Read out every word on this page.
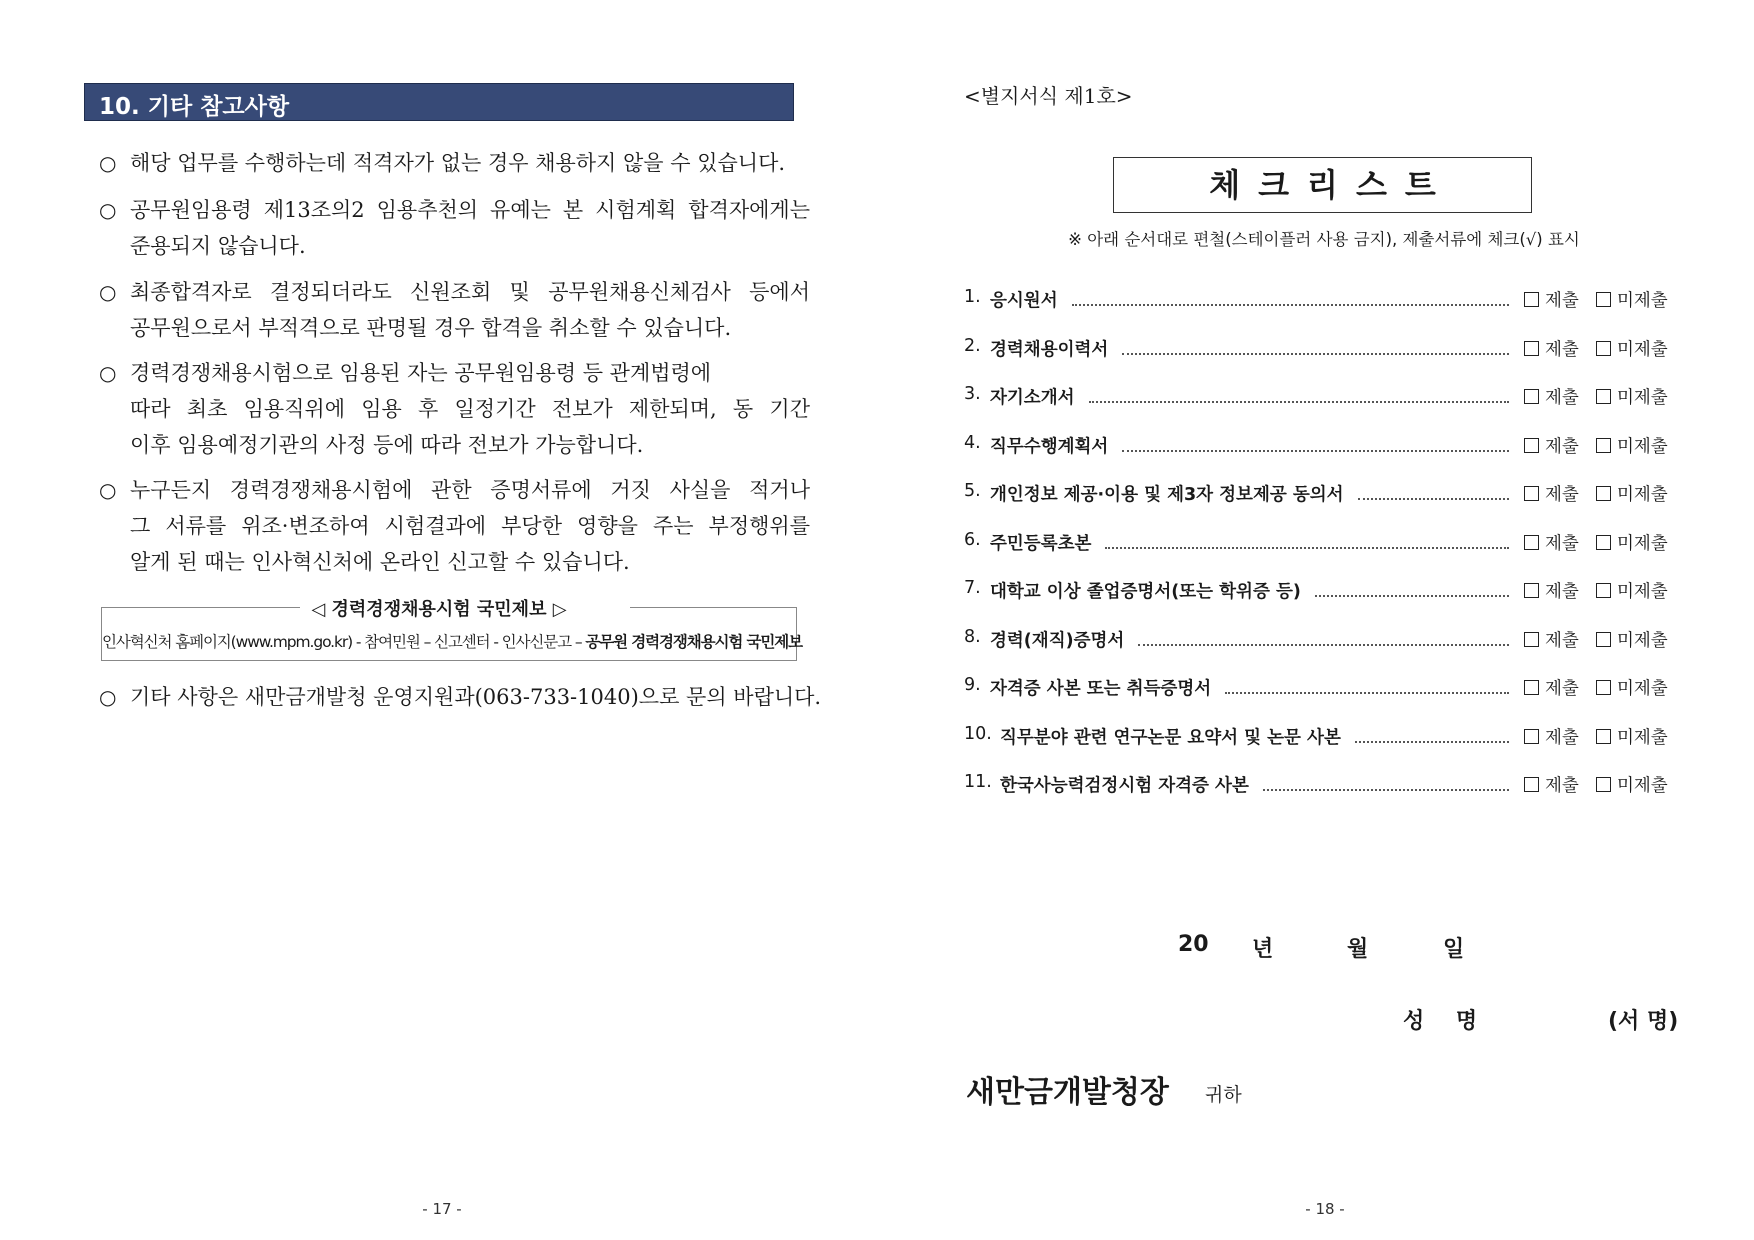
10. 기타 참고사항
○ 해당 업무를 수행하는데 적격자가 없는 경우 채용하지 않을 수 있습니다.
○ 공무원임용령 제13조의2 임용추천의 유예는 본 시험계획 합격자에게는
준용되지 않습니다.
○ 최종합격자로 결정되더라도 신원조회 및 공무원채용신체검사 등에서
공무원으로서 부적격으로 판명될 경우 합격을 취소할 수 있습니다.
○ 경력경쟁채용시험으로 임용된 자는 공무원임용령 등 관계법령에
따라 최초 임용직위에 임용 후 일정기간 전보가 제한되며, 동 기간
이후 임용예정기관의 사정 등에 따라 전보가 가능합니다.
○ 누구든지 경력경쟁채용시험에 관한 증명서류에 거짓 사실을 적거나
그 서류를 위조·변조하여 시험결과에 부당한 영향을 주는 부정행위를
알게 된 때는 인사혁신처에 온라인 신고할 수 있습니다.
인사혁신처 홈페이지(www.mpm.go.kr) - 참여민원 – 신고센터 - 인사신문고 – 공무원 경력경쟁채용시험 국민제보
◁ 경력경쟁채용시험 국민제보 ▷
○ 기타 사항은 새만금개발청 운영지원과(063-733-1040)으로 문의 바랍니다.
- 17 -
<별지서식 제1호>
체크리스트
※ 아래 순서대로 편철(스테이플러 사용 금지), 제출서류에 체크(√) 표시
1. 응시원서	제출	미제출
2. 경력채용이력서	제출	미제출
3. 자기소개서	제출	미제출
4. 직무수행계획서	제출	미제출
5. 개인정보 제공·이용 및 제3자 정보제공 동의서	제출	미제출
6. 주민등록초본	제출	미제출
7. 대학교 이상 졸업증명서(또는 학위증 등)	제출	미제출
8. 경력(재직)증명서	제출	미제출
9. 자격증 사본 또는 취득증명서	제출	미제출
10. 직무분야 관련 연구논문 요약서 및 논문 사본	제출	미제출
11. 한국사능력검정시험 자격증 사본	제출	미제출
20 년	월	일
성 명	(서 명)
새만금개발청장 귀하
- 18 -
